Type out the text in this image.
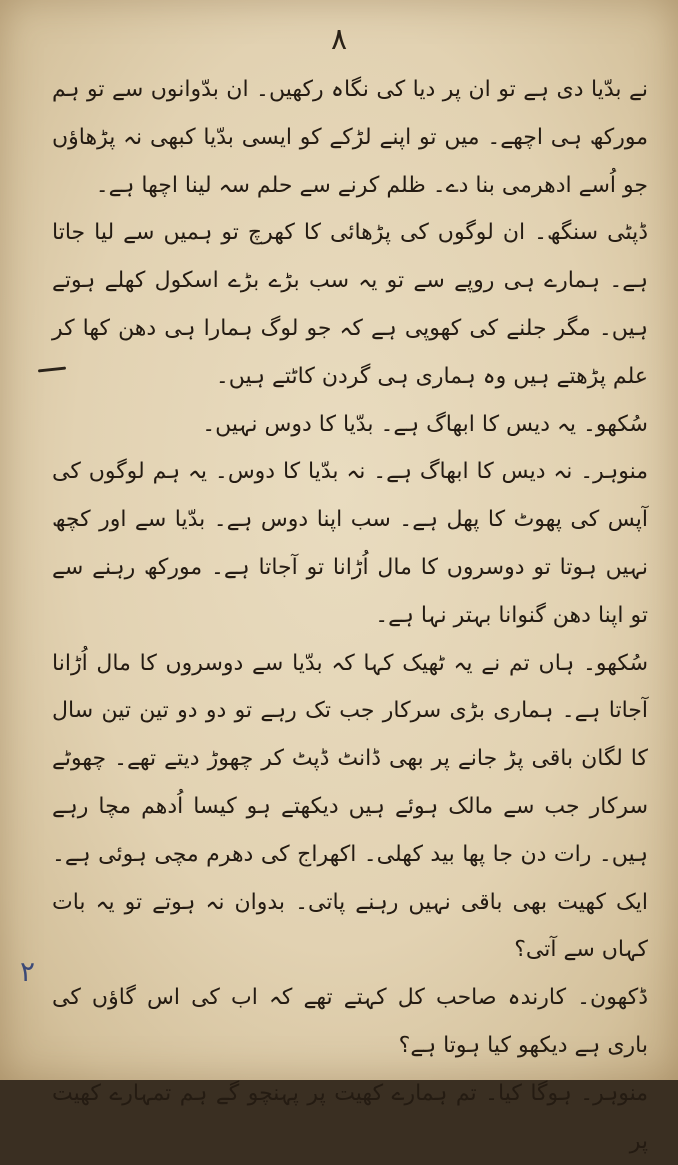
۸

نے بدّیا دی ہے تو ان پر دیا کی نگاہ رکھیں۔ ان بدّوانوں سے تو ہم مورکھ ہی اچھے۔ میں تو اپنے لڑکے کو ایسی بدّیا کبھی نہ پڑھاؤں جو اُسے ادھرمی بنا دے۔ ظلم کرنے سے حلم سہ لینا اچھا ہے۔

ڈپٹی سنگھ۔ ان لوگوں کی پڑھائی کا کھرچ تو ہمیں سے لیا جاتا ہے۔ ہمارے ہی روپے سے تو یہ سب بڑے بڑے اسکول کھلے ہوتے ہیں۔ مگر جلنے کی کھوپی ہے کہ جو لوگ ہمارا ہی دھن کھا کر علم پڑھتے ہیں وہ ہماری ہی گردن کاٹتے ہیں۔

سُکھو۔ یہ دیس کا ابھاگ ہے۔ بدّیا کا دوس نہیں۔

منوہر۔ نہ دیس کا ابھاگ ہے۔ نہ بدّیا کا دوس۔ یہ ہم لوگوں کی آپس کی پھوٹ کا پھل ہے۔ سب اپنا دوس ہے۔ بدّیا سے اور کچھ نہیں ہوتا تو دوسروں کا مال اُڑانا تو آجاتا ہے۔ مورکھ رہنے سے تو اپنا دھن گنوانا بہتر نہا ہے۔

سُکھو۔ ہاں تم نے یہ ٹھیک کہا کہ بدّیا سے دوسروں کا مال اُڑانا آجاتا ہے۔ ہماری بڑی سرکار جب تک رہے تو دو دو تین تین سال کا لگان باقی پڑ جانے پر بھی ڈانٹ ڈپٹ کر چھوڑ دیتے تھے۔ چھوٹے سرکار جب سے مالک ہوئے ہیں دیکھتے ہو کیسا اُدھم مچا رہے ہیں۔ رات دن جا پھا بید کھلی۔ اکھراج کی دھرم مچی ہوئی ہے۔ ایک کھیت بھی باقی نہیں رہنے پاتی۔ بدوان نہ ہوتے تو یہ بات کہاں سے آتی؟

ڈکھون۔ کارندہ صاحب کل کہتے تھے کہ اب کی اس گاؤں کی باری ہے دیکھو کیا ہوتا ہے؟

منوہر۔ ہوگا کیا۔ تم ہمارے کھیت پر پہنچو گے ہم تمہارے کھیت پر

۲
